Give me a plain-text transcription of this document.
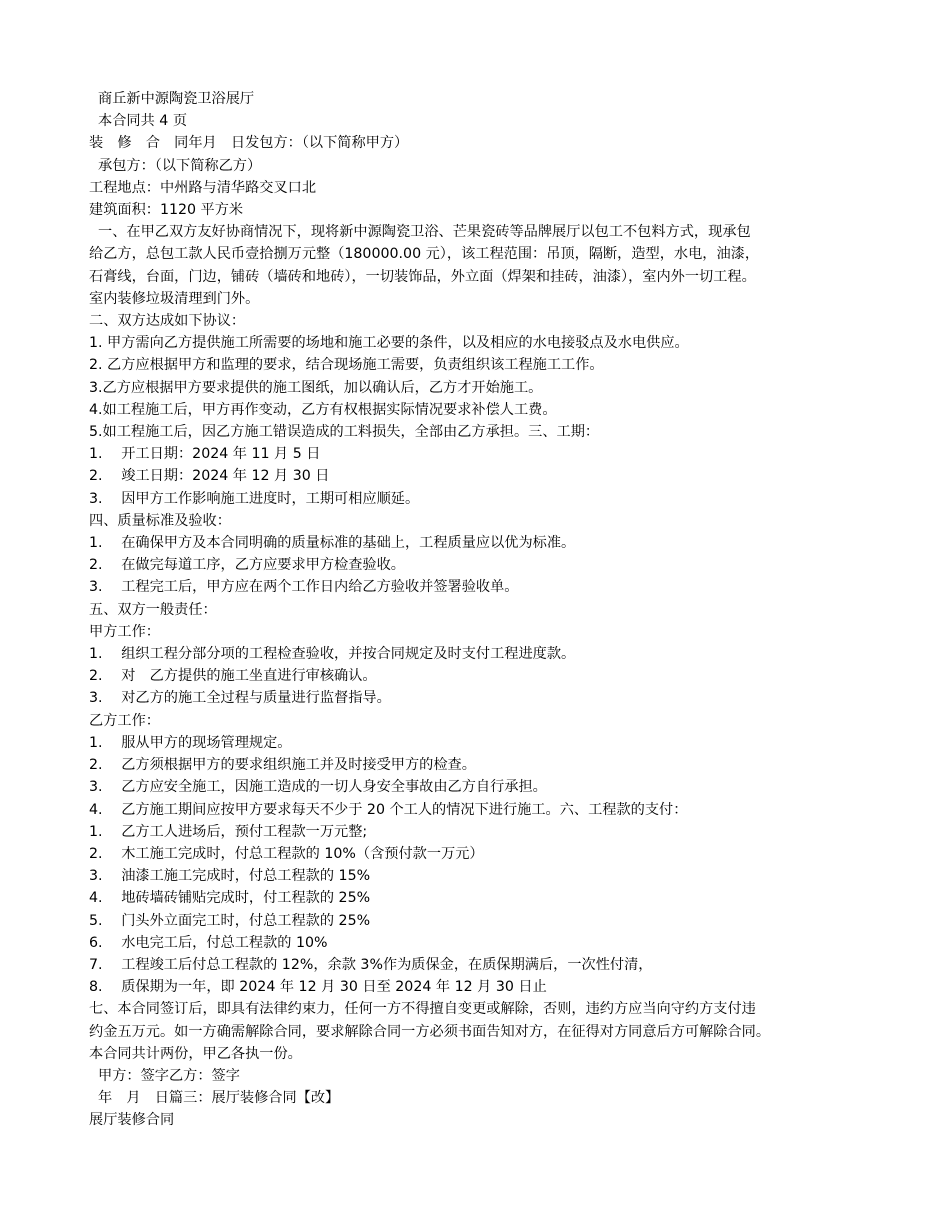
商丘新中源陶瓷卫浴展厅
本合同共 4 页
装　修　合　同年月　日发包方：（以下简称甲方）
承包方：（以下简称乙方）
工程地点：中州路与清华路交叉口北
建筑面积：1120 平方米
一、在甲乙双方友好协商情况下，现将新中源陶瓷卫浴、芒果瓷砖等品牌展厅以包工不包料方式，现承包
给乙方，总包工款人民币壹拾捌万元整（180000.00 元），该工程范围：吊顶，隔断，造型，水电，油漆，
石膏线，台面，门边，铺砖（墙砖和地砖），一切装饰品，外立面（焊架和挂砖，油漆），室内外一切工程。
室内装修垃圾清理到门外。
二、双方达成如下协议：
1. 甲方需向乙方提供施工所需要的场地和施工必要的条件，以及相应的水电接驳点及水电供应。
2. 乙方应根据甲方和监理的要求，结合现场施工需要，负责组织该工程施工工作。
3.乙方应根据甲方要求提供的施工图纸，加以确认后，乙方才开始施工。
4.如工程施工后，甲方再作变动，乙方有权根据实际情况要求补偿人工费。
5.如工程施工后，因乙方施工错误造成的工料损失，全部由乙方承担。三、工期：
1.　 开工日期：2024 年 11 月 5 日
2.　 竣工日期：2024 年 12 月 30 日
3.　 因甲方工作影响施工进度时，工期可相应顺延。
四、质量标准及验收：
1.　 在确保甲方及本合同明确的质量标准的基础上，工程质量应以优为标准。
2.　 在做完每道工序，乙方应要求甲方检查验收。
3.　 工程完工后，甲方应在两个工作日内给乙方验收并签署验收单。
五、双方一般责任：
甲方工作：
1.　 组织工程分部分项的工程检查验收，并按合同规定及时支付工程进度款。
2.　 对　乙方提供的施工坐直进行审核确认。
3.　 对乙方的施工全过程与质量进行监督指导。
乙方工作：
1.　 服从甲方的现场管理规定。
2.　 乙方须根据甲方的要求组织施工并及时接受甲方的检查。
3.　 乙方应安全施工，因施工造成的一切人身安全事故由乙方自行承担。
4.　 乙方施工期间应按甲方要求每天不少于 20 个工人的情况下进行施工。六、工程款的支付：
1.　 乙方工人进场后，预付工程款一万元整;
2.　 木工施工完成时，付总工程款的 10%（含预付款一万元）
3.　 油漆工施工完成时，付总工程款的 15%
4.　 地砖墙砖铺贴完成时，付工程款的 25%
5.　 门头外立面完工时，付总工程款的 25%
6.　 水电完工后，付总工程款的 10%
7.　 工程竣工后付总工程款的 12%，余款 3%作为质保金，在质保期满后，一次性付清，
8.　 质保期为一年，即 2024 年 12 月 30 日至 2024 年 12 月 30 日止
七、本合同签订后，即具有法律约束力，任何一方不得擅自变更或解除，否则，违约方应当向守约方支付违
约金五万元。如一方确需解除合同，要求解除合同一方必须书面告知对方，在征得对方同意后方可解除合同。
本合同共计两份，甲乙各执一份。
甲方：签字乙方：签字
年　月　日篇三：展厅装修合同【改】
展厅装修合同
